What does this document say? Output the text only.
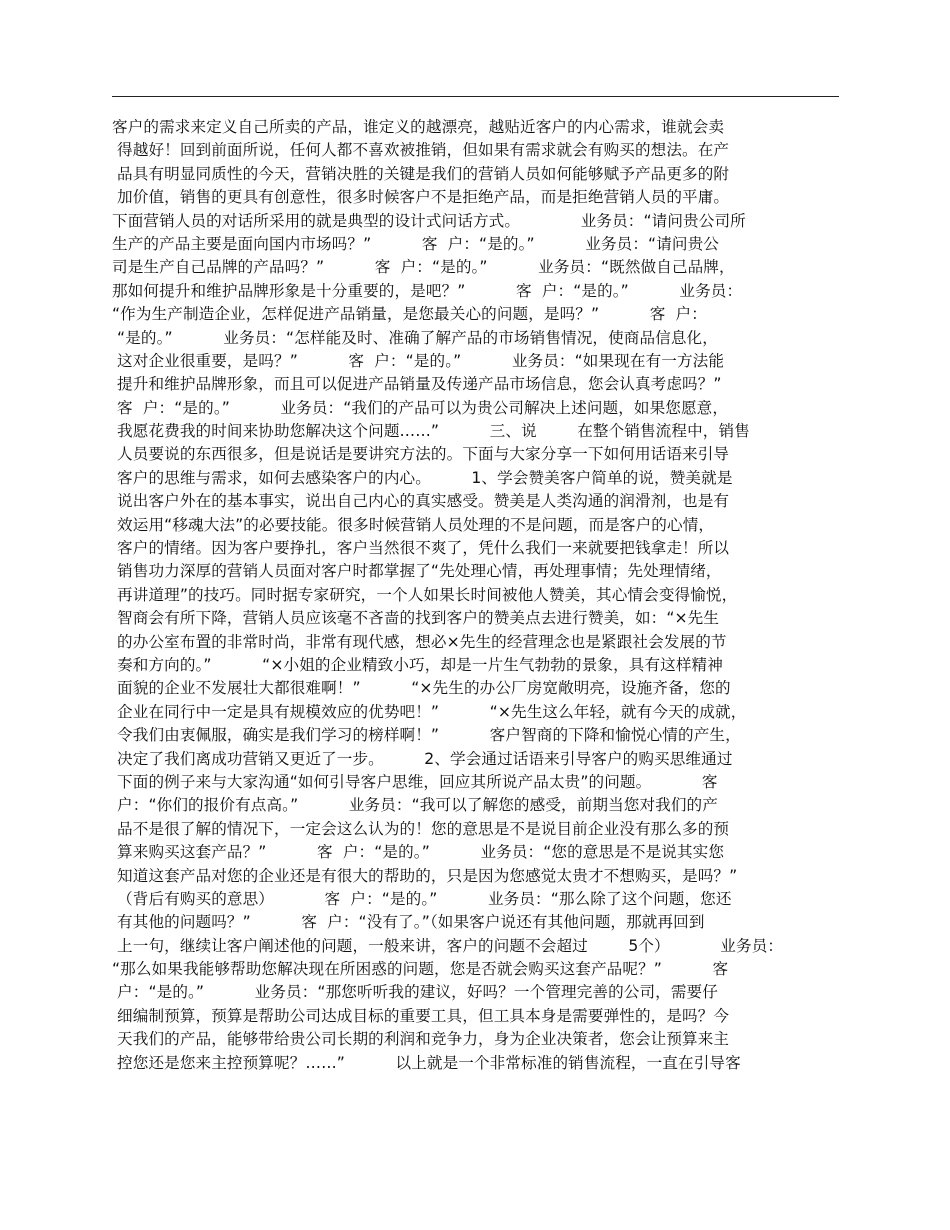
客户的需求来定义自己所卖的产品，谁定义的越漂亮，越贴近客户的内心需求，谁就会卖
得越好！回到前面所说，任何人都不喜欢被推销，但如果有需求就会有购买的想法。在产
品具有明显同质性的今天，营销决胜的关键是我们的营销人员如何能够赋予产品更多的附
加价值，销售的更具有创意性，很多时候客户不是拒绝产品，而是拒绝营销人员的平庸。
下面营销人员的对话所采用的就是典型的设计式问话方式。            业务员：“请问贵公司所
生产的产品主要是面向国内市场吗？”          客  户：“是的。”          业务员：“请问贵公
司是生产自己品牌的产品吗？”          客  户：“是的。”          业务员：“既然做自己品牌，
那如何提升和维护品牌形象是十分重要的，是吧？”          客  户：“是的。”          业务员：
“作为生产制造企业，怎样促进产品销量，是您最关心的问题，是吗？”          客  户：
“是的。”          业务员：“怎样能及时、准确了解产品的市场销售情况，使商品信息化，
这对企业很重要，是吗？”          客  户：“是的。”          业务员：“如果现在有一方法能
提升和维护品牌形象，而且可以促进产品销量及传递产品市场信息，您会认真考虑吗？”
客  户：“是的。”          业务员：“我们的产品可以为贵公司解决上述问题，如果您愿意，
我愿花费我的时间来协助您解决这个问题……”          三、说        在整个销售流程中，销售
人员要说的东西很多，但是说话是要讲究方法的。下面与大家分享一下如何用话语来引导
客户的思维与需求，如何去感染客户的内心。        1、学会赞美客户简单的说，赞美就是
说出客户外在的基本事实，说出自己内心的真实感受。赞美是人类沟通的润滑剂，也是有
效运用“移魂大法”的必要技能。很多时候营销人员处理的不是问题，而是客户的心情，
客户的情绪。因为客户要挣扎，客户当然很不爽了，凭什么我们一来就要把钱拿走！所以
销售功力深厚的营销人员面对客户时都掌握了“先处理心情，再处理事情；先处理情绪，
再讲道理”的技巧。同时据专家研究，一个人如果长时间被他人赞美，其心情会变得愉悦，
智商会有所下降，营销人员应该毫不吝啬的找到客户的赞美点去进行赞美，如：“×先生
的办公室布置的非常时尚，非常有现代感，想必×先生的经营理念也是紧跟社会发展的节
奏和方向的。”          “×小姐的企业精致小巧，却是一片生气勃勃的景象，具有这样精神
面貌的企业不发展壮大都很难啊！”          “×先生的办公厂房宽敞明亮，设施齐备，您的
企业在同行中一定是具有规模效应的优势吧！”          “×先生这么年轻，就有今天的成就，
令我们由衷佩服，确实是我们学习的榜样啊！”          客户智商的下降和愉悦心情的产生，
决定了我们离成功营销又更近了一步。        2、学会通过话语来引导客户的购买思维通过
下面的例子来与大家沟通“如何引导客户思维，回应其所说产品太贵”的问题。          客
户：“你们的报价有点高。”          业务员：“我可以了解您的感受，前期当您对我们的产
品不是很了解的情况下，一定会这么认为的！您的意思是不是说目前企业没有那么多的预
算来购买这套产品？”          客  户：“是的。”          业务员：“您的意思是不是说其实您
知道这套产品对您的企业还是有很大的帮助的，只是因为您感觉太贵才不想购买，是吗？”
（背后有购买的意思）          客  户：“是的。”          业务员：“那么除了这个问题，您还
有其他的问题吗？”          客  户：“没有了。”（如果客户说还有其他问题，那就再回到
上一句，继续让客户阐述他的问题，一般来讲，客户的问题不会超过        5个）          业务员：
“那么如果我能够帮助您解决现在所困惑的问题，您是否就会购买这套产品呢？”          客
户：“是的。”          业务员：“那您听听我的建议，好吗？一个管理完善的公司，需要仔
细编制预算，预算是帮助公司达成目标的重要工具，但工具本身是需要弹性的，是吗？今
天我们的产品，能够带给贵公司长期的利润和竞争力，身为企业决策者，您会让预算来主
控您还是您来主控预算呢？……”          以上就是一个非常标准的销售流程，一直在引导客
